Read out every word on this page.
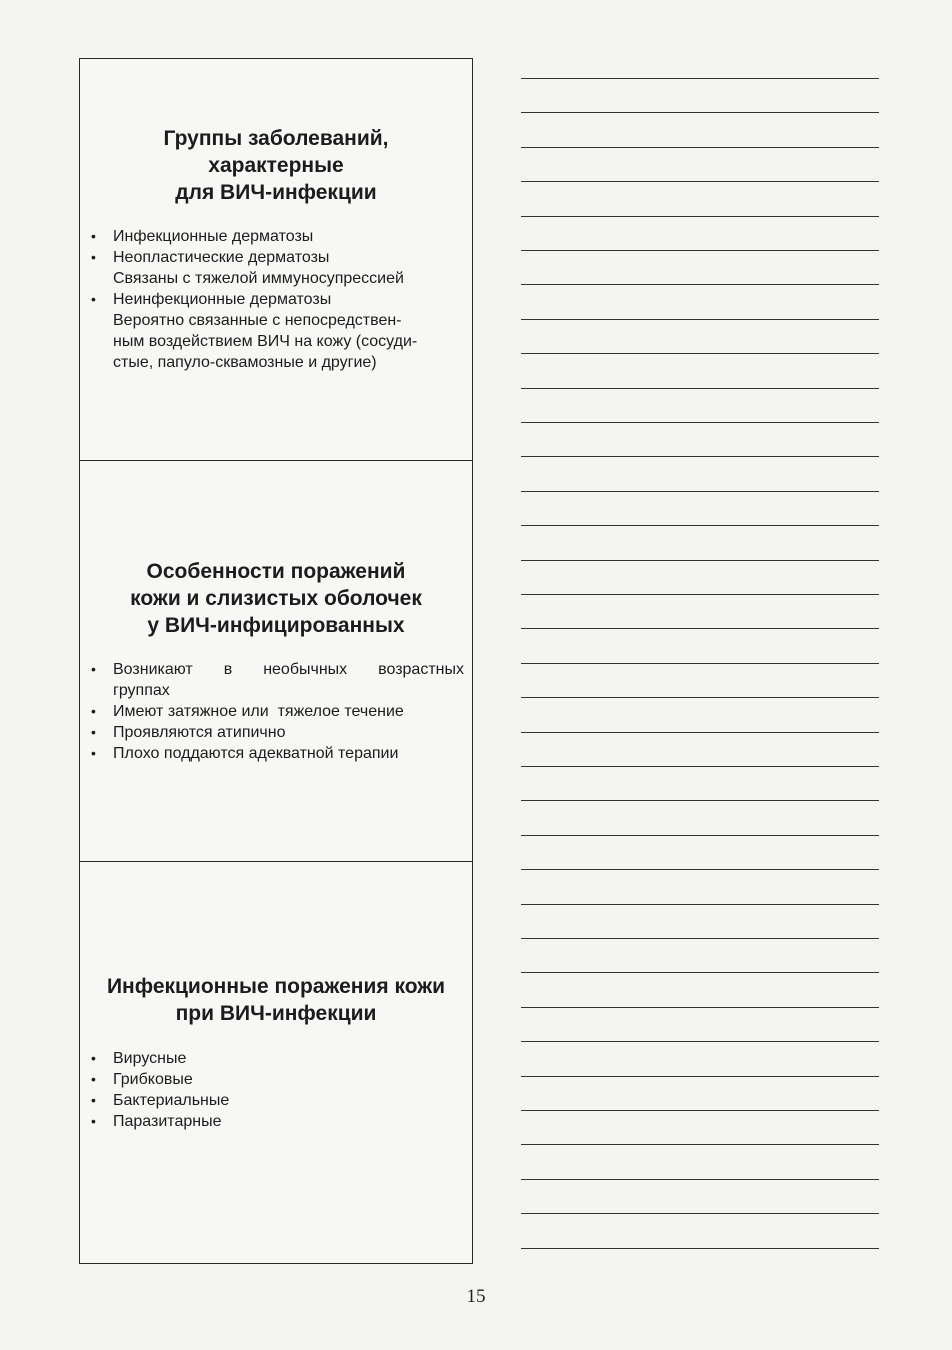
Группы заболеваний,
характерные
для ВИЧ-инфекции
• Инфекционные дерматозы
• Неопластические дерматозы
Связаны с тяжелой иммуносупрессией
• Неинфекционные дерматозы
Вероятно связанные с непосредствен-
ным воздействием ВИЧ на кожу (сосуди-
стые, папуло-сквамозные и другие)
Особенности поражений
кожи и слизистых оболочек
у ВИЧ-инфицированных
• Возникают в необычных возрастных
группах
• Имеют затяжное или  тяжелое течение
• Проявляются атипично
• Плохо поддаются адекватной терапии
Инфекционные поражения кожи
при ВИЧ-инфекции
• Вирусные
• Грибковые
• Бактериальные
• Паразитарные
15
